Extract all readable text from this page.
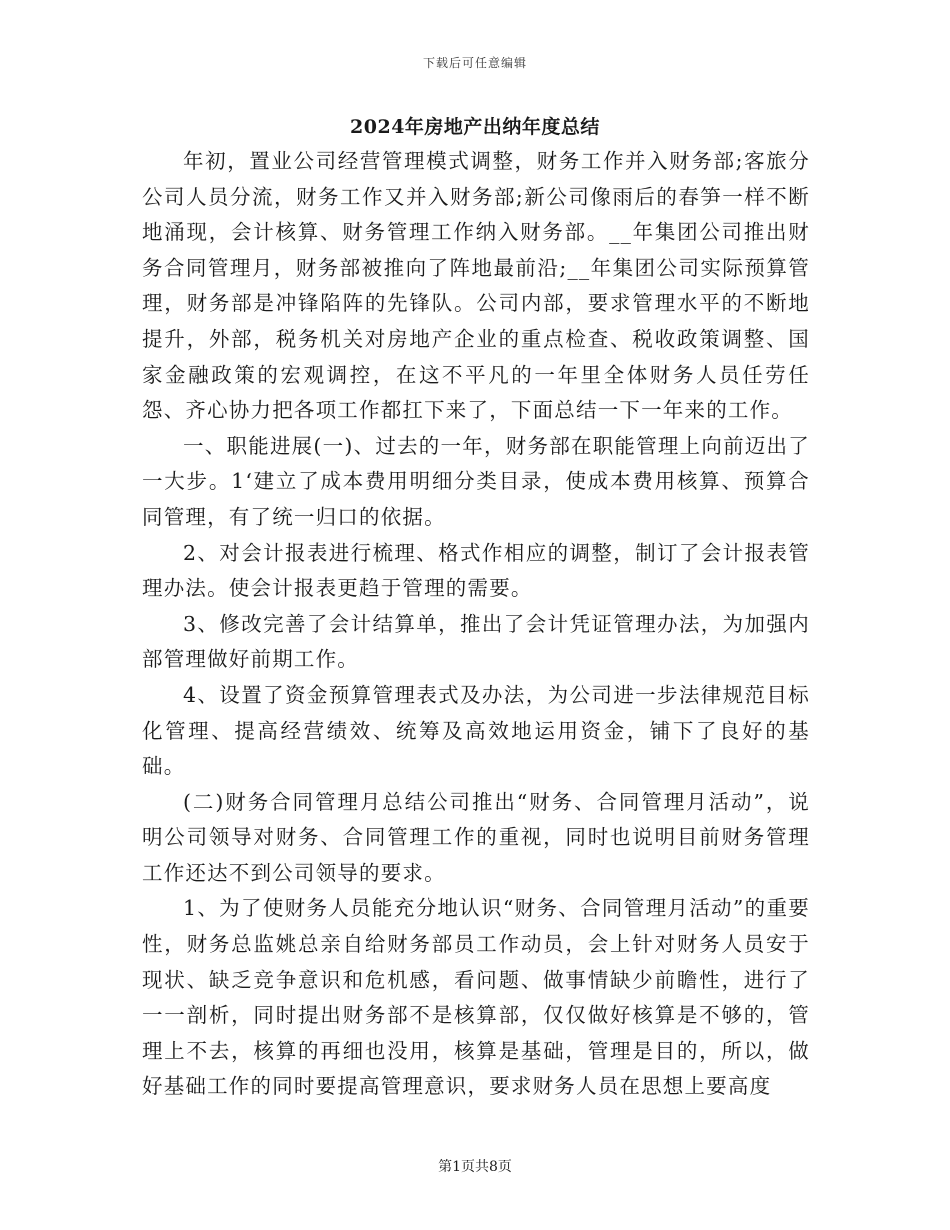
下载后可任意编辑
2024年房地产出纳年度总结

年初，置业公司经营管理模式调整，财务工作并入财务部;客旅分公司人员分流，财务工作又并入财务部;新公司像雨后的春笋一样不断地涌现，会计核算、财务管理工作纳入财务部。__年集团公司推出财务合同管理月，财务部被推向了阵地最前沿;__年集团公司实际预算管理，财务部是冲锋陷阵的先锋队。公司内部，要求管理水平的不断地提升，外部，税务机关对房地产企业的重点检查、税收政策调整、国家金融政策的宏观调控，在这不平凡的一年里全体财务人员任劳任怨、齐心协力把各项工作都扛下来了，下面总结一下一年来的工作。

一、职能进展(一)、过去的一年，财务部在职能管理上向前迈出了一大步。1‘建立了成本费用明细分类目录，使成本费用核算、预算合同管理，有了统一归口的依据。

2、对会计报表进行梳理、格式作相应的调整，制订了会计报表管理办法。使会计报表更趋于管理的需要。

3、修改完善了会计结算单，推出了会计凭证管理办法，为加强内部管理做好前期工作。

4、设置了资金预算管理表式及办法，为公司进一步法律规范目标化管理、提高经营绩效、统筹及高效地运用资金，铺下了良好的基础。

(二)财务合同管理月总结公司推出“财务、合同管理月活动”，说明公司领导对财务、合同管理工作的重视，同时也说明目前财务管理工作还达不到公司领导的要求。

1、为了使财务人员能充分地认识“财务、合同管理月活动”的重要性，财务总监姚总亲自给财务部员工作动员，会上针对财务人员安于现状、缺乏竞争意识和危机感，看问题、做事情缺少前瞻性，进行了一一剖析，同时提出财务部不是核算部，仅仅做好核算是不够的，管理上不去，核算的再细也没用，核算是基础，管理是目的，所以，做好基础工作的同时要提高管理意识，要求财务人员在思想上要高度

第1页共8页
